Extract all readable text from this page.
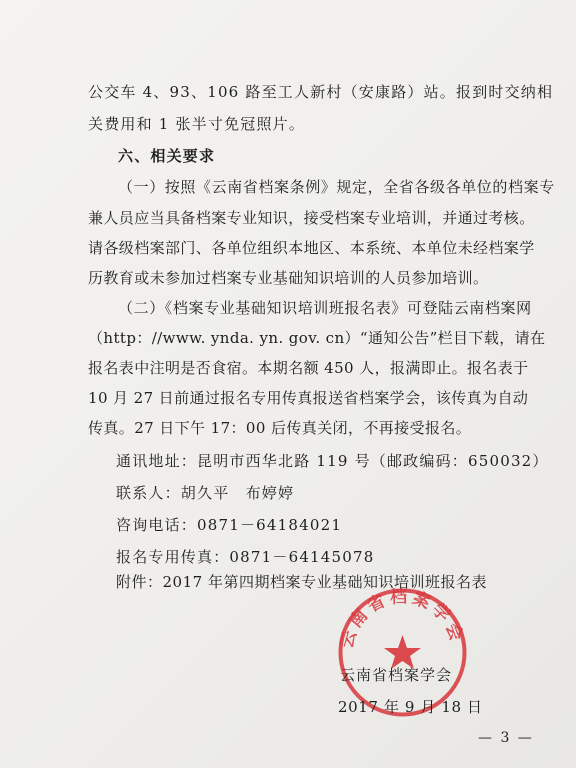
公交车 4、93、106 路至工人新村（安康路）站。报到时交纳相
关费用和 1 张半寸免冠照片。
六、相关要求
（一）按照《云南省档案条例》规定，全省各级各单位的档案专
兼人员应当具备档案专业知识，接受档案专业培训，并通过考核。
请各级档案部门、各单位组织本地区、本系统、本单位未经档案学
历教育或未参加过档案专业基础知识培训的人员参加培训。
（二）《档案专业基础知识培训班报名表》可登陆云南档案网
（http：//www. ynda. yn. gov. cn）“通知公告”栏目下载，请在
报名表中注明是否食宿。本期名额 450 人，报满即止。报名表于
10 月 27 日前通过报名专用传真报送省档案学会，该传真为自动
传真。27 日下午 17：00 后传真关闭，不再接受报名。
通讯地址：昆明市西华北路 119 号（邮政编码：650032）
联系人：胡久平　布婷婷
咨询电话：0871－64184021
报名专用传真：0871－64145078
附件：2017 年第四期档案专业基础知识培训班报名表
云南省档案学会
云南省档案学会
2017 年 9 月 18 日
— 3 —
